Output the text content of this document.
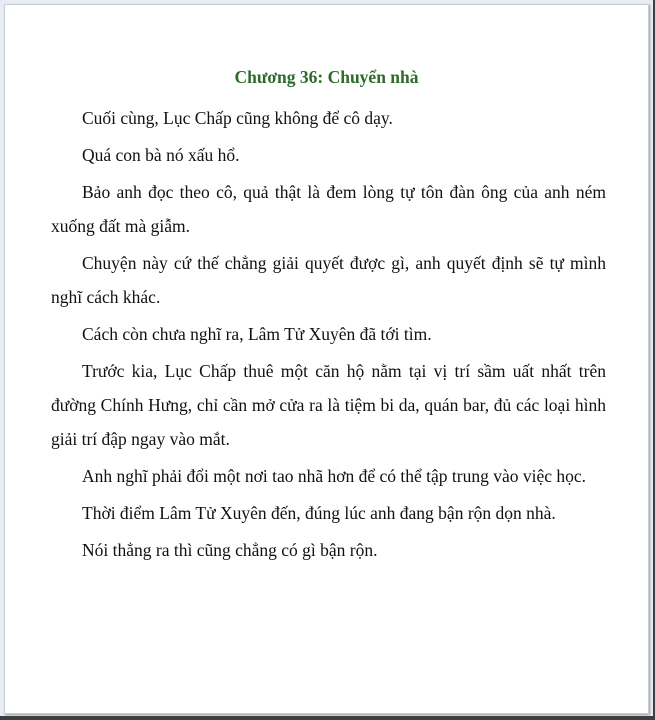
Chương 36: Chuyển nhà

Cuối cùng, Lục Chấp cũng không để cô dạy.

Quá con bà nó xấu hổ.

Bảo anh đọc theo cô, quả thật là đem lòng tự tôn đàn ông của anh ném xuống đất mà giẫm.

Chuyện này cứ thế chẳng giải quyết được gì, anh quyết định sẽ tự mình nghĩ cách khác.

Cách còn chưa nghĩ ra, Lâm Tử Xuyên đã tới tìm.

Trước kia, Lục Chấp thuê một căn hộ nằm tại vị trí sầm uất nhất trên đường Chính Hưng, chỉ cần mở cửa ra là tiệm bi da, quán bar, đủ các loại hình giải trí đập ngay vào mắt.

Anh nghĩ phải đổi một nơi tao nhã hơn để có thể tập trung vào việc học.

Thời điểm Lâm Tử Xuyên đến, đúng lúc anh đang bận rộn dọn nhà.

Nói thẳng ra thì cũng chẳng có gì bận rộn.
